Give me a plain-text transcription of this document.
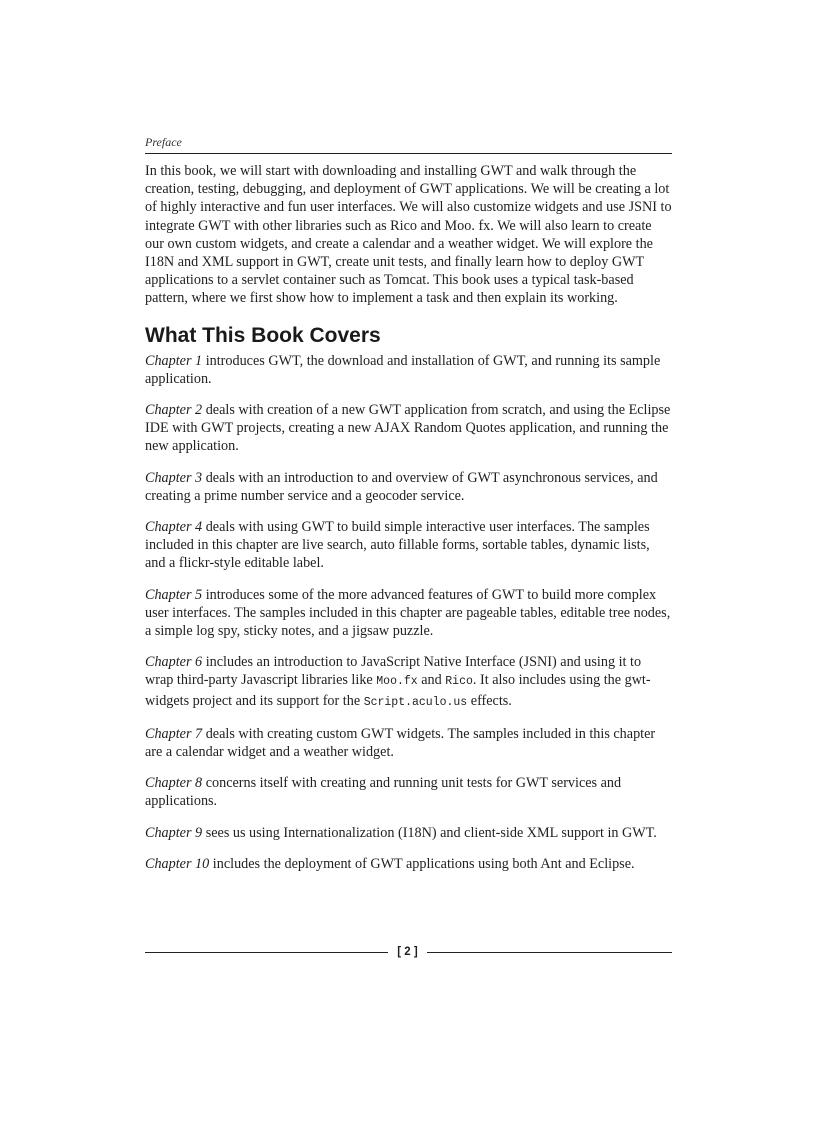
Preface

In this book, we will start with downloading and installing GWT and walk through the creation, testing, debugging, and deployment of GWT applications. We will be creating a lot of highly interactive and fun user interfaces. We will also customize widgets and use JSNI to integrate GWT with other libraries such as Rico and Moo. fx. We will also learn to create our own custom widgets, and create a calendar and a weather widget. We will explore the I18N and XML support in GWT, create unit tests, and finally learn how to deploy GWT applications to a servlet container such as Tomcat. This book uses a typical task-based pattern, where we first show how to implement a task and then explain its working.

What This Book Covers

Chapter 1 introduces GWT, the download and installation of GWT, and running its sample application.

Chapter 2 deals with creation of a new GWT application from scratch, and using the Eclipse IDE with GWT projects, creating a new AJAX Random Quotes application, and running the new application.

Chapter 3 deals with an introduction to and overview of GWT asynchronous services, and creating a prime number service and a geocoder service.

Chapter 4 deals with using GWT to build simple interactive user interfaces. The samples included in this chapter are live search, auto fillable forms, sortable tables, dynamic lists, and a flickr-style editable label.

Chapter 5 introduces some of the more advanced features of GWT to build more complex user interfaces. The samples included in this chapter are pageable tables, editable tree nodes, a simple log spy, sticky notes, and a jigsaw puzzle.

Chapter 6 includes an introduction to JavaScript Native Interface (JSNI) and using it to wrap third-party Javascript libraries like Moo.fx and Rico. It also includes using the gwt-widgets project and its support for the Script.aculo.us effects.

Chapter 7 deals with creating custom GWT widgets. The samples included in this chapter are a calendar widget and a weather widget.

Chapter 8 concerns itself with creating and running unit tests for GWT services and applications.

Chapter 9 sees us using Internationalization (I18N) and client-side XML support in GWT.

Chapter 10 includes the deployment of GWT applications using both Ant and Eclipse.

[ 2 ]
